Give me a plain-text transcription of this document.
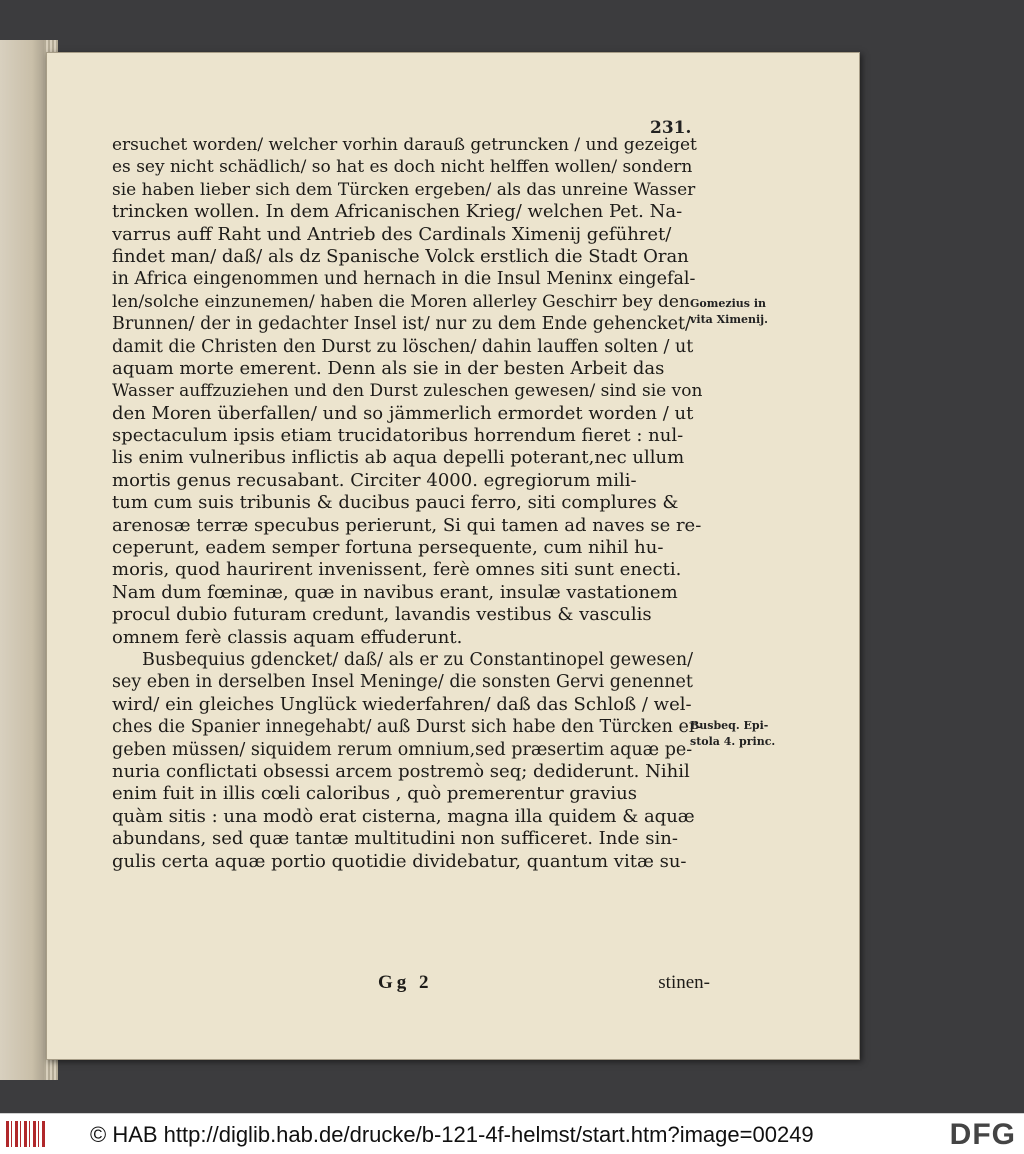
231.
ersuchet worden/ welcher vorhin darauß getruncken / und gezeiget
es sey nicht schädlich/ so hat es doch nicht helffen wollen/ sondern
sie haben lieber sich dem Türcken ergeben/ als das unreine Wasser
trincken wollen. In dem Africanischen Krieg/ welchen Pet. Na-
varrus auff Raht und Antrieb des Cardinals Ximenij geführet/
findet man/ daß/ als dz Spanische Volck erstlich die Stadt Oran
in Africa eingenommen und hernach in die Insul Meninx eingefal-
len/solche einzunemen/ haben die Moren allerley Geschirr bey den
Brunnen/ der in gedachter Insel ist/ nur zu dem Ende gehencket/
damit die Christen den Durst zu löschen/ dahin lauffen solten / ut
aquam morte emerent. Denn als sie in der besten Arbeit das
Wasser auffzuziehen und den Durst zuleschen gewesen/ sind sie von
den Moren überfallen/ und so jämmerlich ermordet worden / ut
spectaculum ipsis etiam trucidatoribus horrendum fieret : nul-
lis enim vulneribus inflictis ab aqua depelli poterant,nec ullum
mortis genus recusabant. Circiter 4000. egregiorum mili-
tum cum suis tribunis & ducibus pauci ferro, siti complures &
arenosæ terræ specubus perierunt, Si qui tamen ad naves se re-
ceperunt, eadem semper fortuna persequente, cum nihil hu-
moris, quod haurirent invenissent, ferè omnes siti sunt enecti.
Nam dum fœminæ, quæ in navibus erant, insulæ vastationem
procul dubio futuram credunt, lavandis vestibus & vasculis
omnem ferè classis aquam effuderunt.
Busbequius gdencket/ daß/ als er zu Constantinopel gewesen/
sey eben in derselben Insel Meninge/ die sonsten Gervi genennet
wird/ ein gleiches Unglück wiederfahren/ daß das Schloß / wel-
ches die Spanier innegehabt/ auß Durst sich habe den Türcken er-
geben müssen/ siquidem rerum omnium,sed præsertim aquæ pe-
nuria conflictati obsessi arcem postremò seq; dediderunt. Nihil
enim fuit in illis cœli caloribus , quò premerentur gravius
quàm sitis : una modò erat cisterna, magna illa quidem & aquæ
abundans, sed quæ tantæ multitudini non sufficeret. Inde sin-
gulis certa aquæ portio quotidie dividebatur, quantum vitæ su-
Gomezius in
vita Ximenij.
Busbeq. Epi-
stola 4. princ.
Gg 2	stinen-
© HAB http://diglib.hab.de/drucke/b-121-4f-helmst/start.htm?image=00249	DFG
